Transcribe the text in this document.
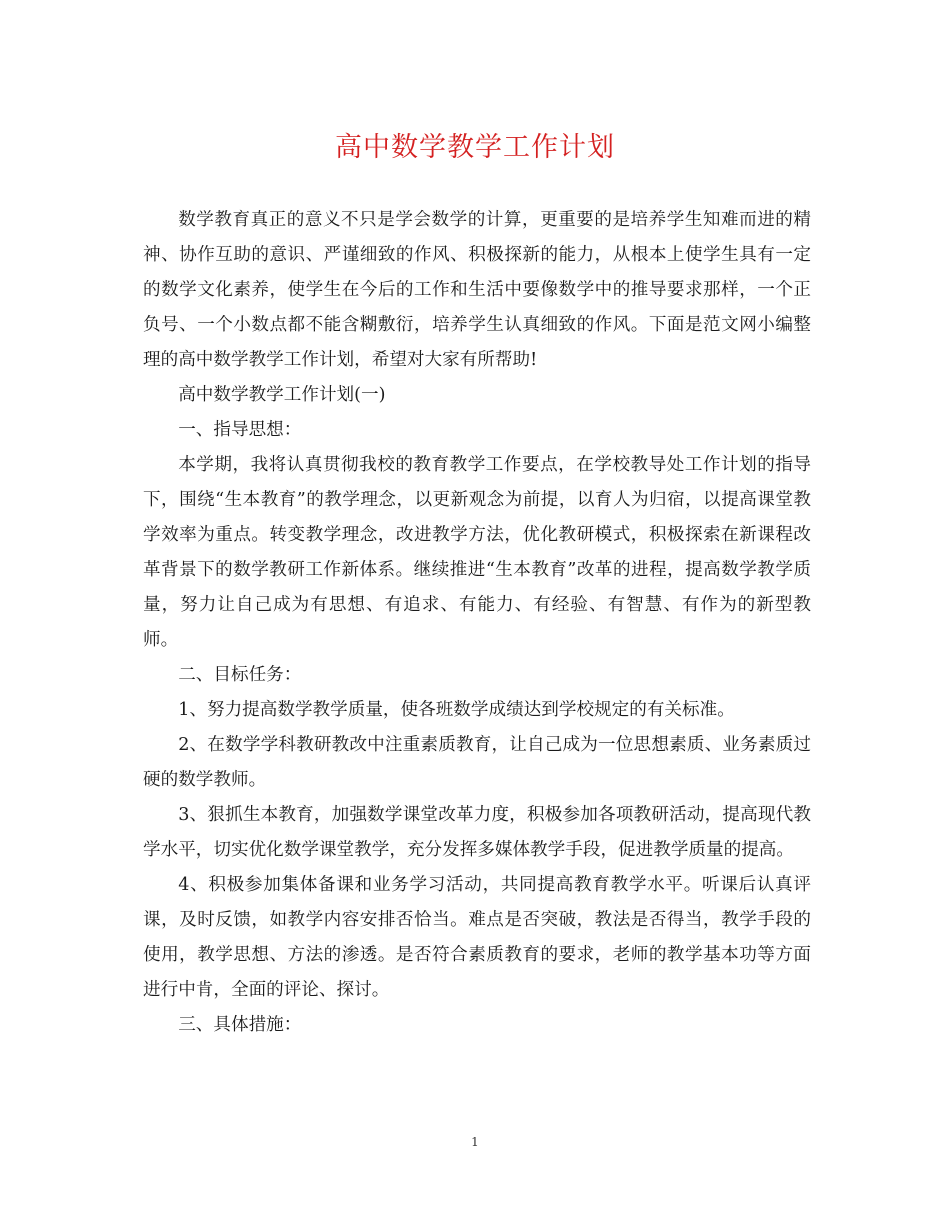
高中数学教学工作计划

数学教育真正的意义不只是学会数学的计算，更重要的是培养学生知难而进的精神、协作互助的意识、严谨细致的作风、积极探新的能力，从根本上使学生具有一定的数学文化素养，使学生在今后的工作和生活中要像数学中的推导要求那样，一个正负号、一个小数点都不能含糊敷衍，培养学生认真细致的作风。下面是范文网小编整理的高中数学教学工作计划，希望对大家有所帮助!

高中数学教学工作计划(一)

一、指导思想：

本学期，我将认真贯彻我校的教育教学工作要点，在学校教导处工作计划的指导下，围绕“生本教育”的教学理念，以更新观念为前提，以育人为归宿，以提高课堂教学效率为重点。转变教学理念，改进教学方法，优化教研模式，积极探索在新课程改革背景下的数学教研工作新体系。继续推进“生本教育”改革的进程，提高数学教学质量，努力让自己成为有思想、有追求、有能力、有经验、有智慧、有作为的新型教师。

二、目标任务：

1、努力提高数学教学质量，使各班数学成绩达到学校规定的有关标准。

2、在数学学科教研教改中注重素质教育，让自己成为一位思想素质、业务素质过硬的数学教师。

3、狠抓生本教育，加强数学课堂改革力度，积极参加各项教研活动，提高现代教学水平，切实优化数学课堂教学，充分发挥多媒体教学手段，促进教学质量的提高。

4、积极参加集体备课和业务学习活动，共同提高教育教学水平。听课后认真评课，及时反馈，如教学内容安排否恰当。难点是否突破，教法是否得当，教学手段的使用，教学思想、方法的渗透。是否符合素质教育的要求，老师的教学基本功等方面进行中肯，全面的评论、探讨。

三、具体措施：

1
